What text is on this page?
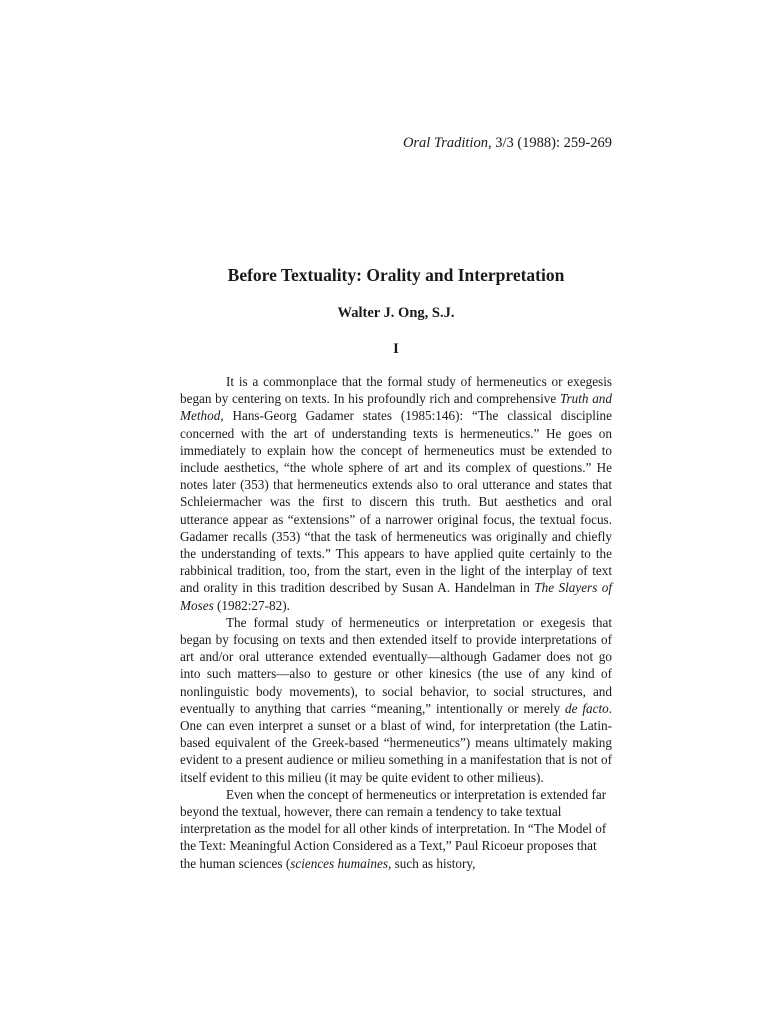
Oral Tradition, 3/3 (1988): 259-269
Before Textuality: Orality and Interpretation
Walter J. Ong, S.J.
I

It is a commonplace that the formal study of hermeneutics or exegesis began by centering on texts. In his profoundly rich and comprehensive Truth and Method, Hans-Georg Gadamer states (1985:146): “The classical discipline concerned with the art of understanding texts is hermeneutics.” He goes on immediately to explain how the concept of hermeneutics must be extended to include aesthetics, “the whole sphere of art and its complex of questions.” He notes later (353) that hermeneutics extends also to oral utterance and states that Schleiermacher was the first to discern this truth. But aesthetics and oral utterance appear as “extensions” of a narrower original focus, the textual focus. Gadamer recalls (353) “that the task of hermeneutics was originally and chiefly the understanding of texts.” This appears to have applied quite certainly to the rabbinical tradition, too, from the start, even in the light of the interplay of text and orality in this tradition described by Susan A. Handelman in The Slayers of Moses (1982:27-82).

The formal study of hermeneutics or interpretation or exegesis that began by focusing on texts and then extended itself to provide interpretations of art and/or oral utterance extended eventually—although Gadamer does not go into such matters—also to gesture or other kinesics (the use of any kind of nonlinguistic body movements), to social behavior, to social structures, and eventually to anything that carries “meaning,” intentionally or merely de facto. One can even interpret a sunset or a blast of wind, for interpretation (the Latin-based equivalent of the Greek-based “hermeneutics”) means ultimately making evident to a present audience or milieu something in a manifestation that is not of itself evident to this milieu (it may be quite evident to other milieus).

Even when the concept of hermeneutics or interpretation is extended far beyond the textual, however, there can remain a tendency to take textual interpretation as the model for all other kinds of interpretation. In “The Model of the Text: Meaningful Action Considered as a Text,” Paul Ricoeur proposes that the human sciences (sciences humaines, such as history,
